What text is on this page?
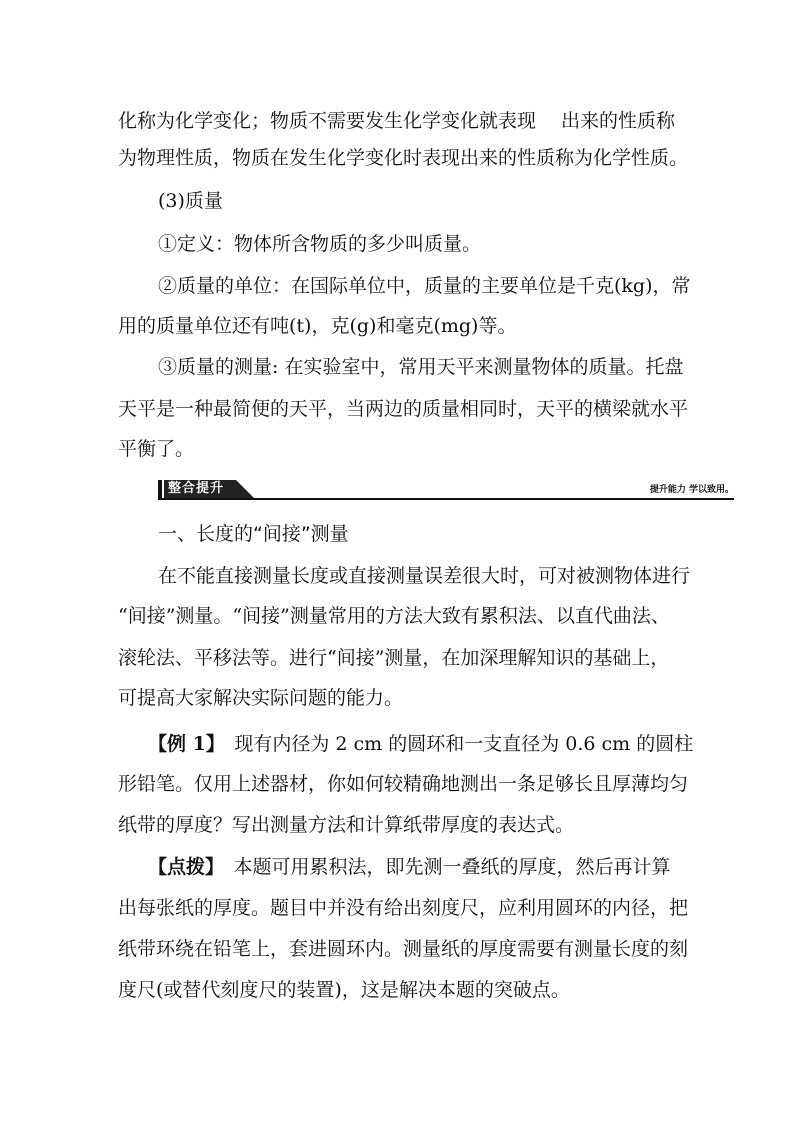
化称为化学变化；物质不需要发生化学变化就表现　 出来的性质称
为物理性质，物质在发生化学变化时表现出来的性质称为化学性质。
(3)质量
①定义：物体所含物质的多少叫质量。
②质量的单位：在国际单位中，质量的主要单位是千克(kg)，常
用的质量单位还有吨(t)，克(g)和毫克(mg)等。
③质量的测量: 在实验室中，常用天平来测量物体的质量。托盘
天平是一种最简便的天平，当两边的质量相同时，天平的横梁就水平
平衡了。
整合提升	提升能力 学以致用。
一、长度的“间接”测量
在不能直接测量长度或直接测量误差很大时，可对被测物体进行
“间接”测量。“间接”测量常用的方法大致有累积法、以直代曲法、
滚轮法、平移法等。进行“间接”测量，在加深理解知识的基础上，
可提高大家解决实际问题的能力。
【例 1】　现有内径为 2 cm 的圆环和一支直径为 0.6 cm 的圆柱
形铅笔。仅用上述器材，你如何较精确地测出一条足够长且厚薄均匀
纸带的厚度？写出测量方法和计算纸带厚度的表达式。
【点拨】　本题可用累积法，即先测一叠纸的厚度，然后再计算
出每张纸的厚度。题目中并没有给出刻度尺，应利用圆环的内径，把
纸带环绕在铅笔上，套进圆环内。测量纸的厚度需要有测量长度的刻
度尺(或替代刻度尺的装置)，这是解决本题的突破点。
